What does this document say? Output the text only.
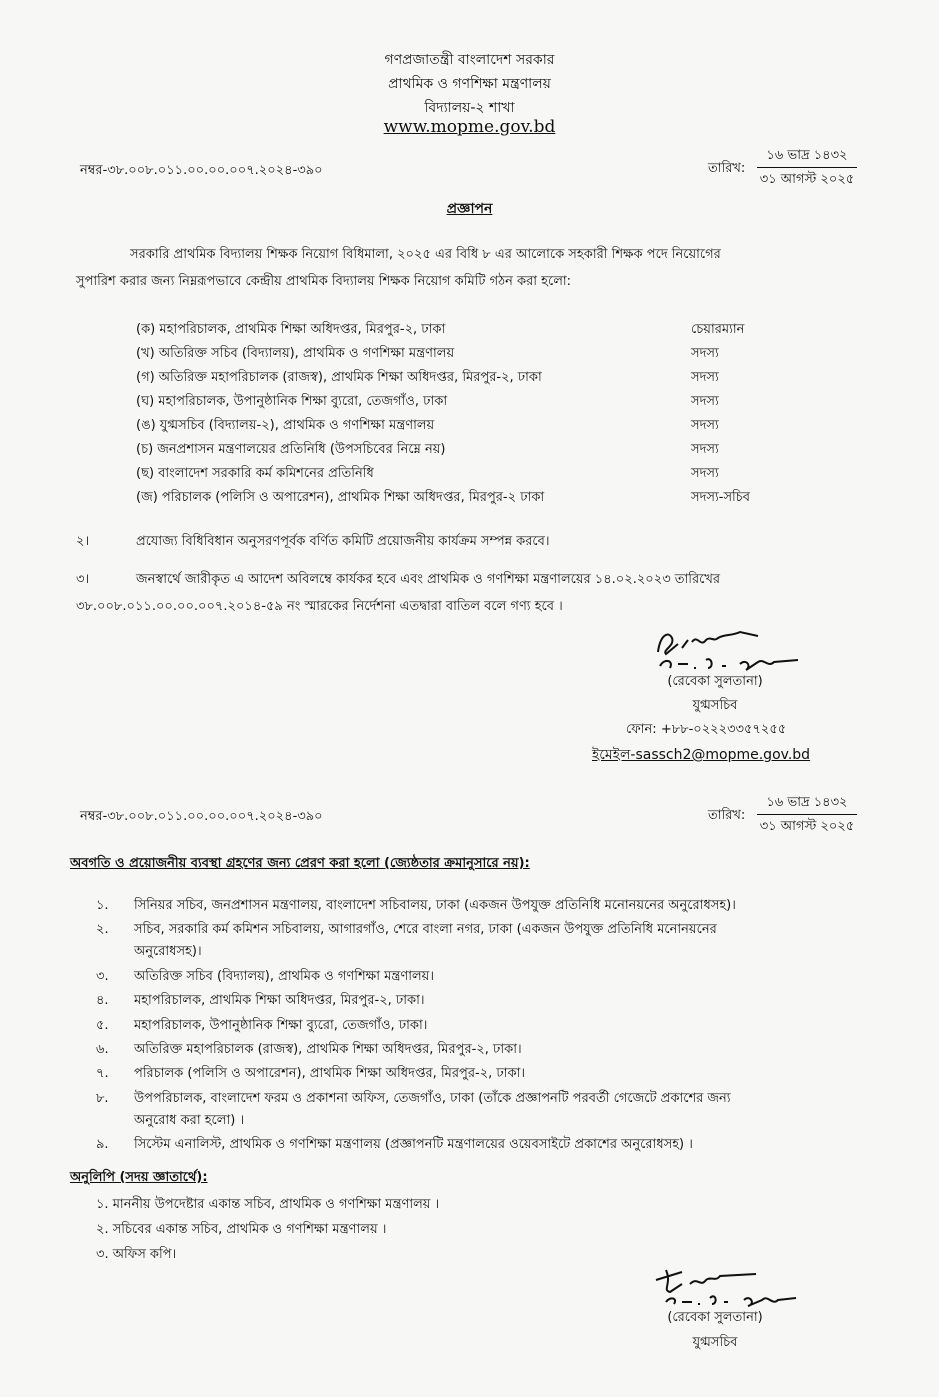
গণপ্রজাতন্ত্রী বাংলাদেশ সরকার
প্রাথমিক ও গণশিক্ষা মন্ত্রণালয়
বিদ্যালয়-২ শাখা
www.mopme.gov.bd
নম্বর-৩৮.০০৮.০১১.০০.০০.০০৭.২০২৪-৩৯০	তারিখ:
১৬ ভাদ্র ১৪৩২
৩১ আগস্ট ২০২৫
প্রজ্ঞাপন
সরকারি প্রাথমিক বিদ্যালয় শিক্ষক নিয়োগ বিধিমালা, ২০২৫ এর বিধি ৮ এর আলোকে সহকারী শিক্ষক পদে নিয়োগের
সুপারিশ করার জন্য নিম্নরূপভাবে কেন্দ্রীয় প্রাথমিক বিদ্যালয় শিক্ষক নিয়োগ কমিটি গঠন করা হলো:
(ক) মহাপরিচালক, প্রাথমিক শিক্ষা অধিদপ্তর, মিরপুর-২, ঢাকা	চেয়ারম্যান
(খ) অতিরিক্ত সচিব (বিদ্যালয়), প্রাথমিক ও গণশিক্ষা মন্ত্রণালয়	সদস্য
(গ) অতিরিক্ত মহাপরিচালক (রাজস্ব), প্রাথমিক শিক্ষা অধিদপ্তর, মিরপুর-২, ঢাকা	সদস্য
(ঘ) মহাপরিচালক, উপানুষ্ঠানিক শিক্ষা ব্যুরো, তেজগাঁও, ঢাকা	সদস্য
(ঙ) যুগ্মসচিব (বিদ্যালয়-২), প্রাথমিক ও গণশিক্ষা মন্ত্রণালয়	সদস্য
(চ) জনপ্রশাসন মন্ত্রণালয়ের প্রতিনিধি (উপসচিবের নিম্নে নয়)	সদস্য
(ছ) বাংলাদেশ সরকারি কর্ম কমিশনের প্রতিনিধি	সদস্য
(জ) পরিচালক (পলিসি ও অপারেশন), প্রাথমিক শিক্ষা অধিদপ্তর, মিরপুর-২ ঢাকা	সদস্য-সচিব
২।	প্রযোজ্য বিধিবিধান অনুসরণপূর্বক বর্ণিত কমিটি প্রয়োজনীয় কার্যক্রম সম্পন্ন করবে।
৩।	জনস্বার্থে জারীকৃত এ আদেশ অবিলম্বে কার্যকর হবে এবং প্রাথমিক ও গণশিক্ষা মন্ত্রণালয়ের ১৪.০২.২০২৩ তারিখের
৩৮.০০৮.০১১.০০.০০.০০৭.২০১৪-৫৯ নং স্মারকের নির্দেশনা এতদ্বারা বাতিল বলে গণ্য হবে ।
(রেবেকা সুলতানা)
যুগ্মসচিব
ফোন: +৮৮-০২২২৩৩৫৭২৫৫
ইমেইল-sassch2@mopme.gov.bd
নম্বর-৩৮.০০৮.০১১.০০.০০.০০৭.২০২৪-৩৯০	তারিখ:
১৬ ভাদ্র ১৪৩২
৩১ আগস্ট ২০২৫
অবগতি ও প্রয়োজনীয় ব্যবস্থা গ্রহণের জন্য প্রেরণ করা হলো (জ্যেষ্ঠতার ক্রমানুসারে নয়):
১. সিনিয়র সচিব, জনপ্রশাসন মন্ত্রণালয়, বাংলাদেশ সচিবালয়, ঢাকা (একজন উপযুক্ত প্রতিনিধি মনোনয়নের অনুরোধসহ)।
২. সচিব, সরকারি কর্ম কমিশন সচিবালয়, আগারগাঁও, শেরে বাংলা নগর, ঢাকা (একজন উপযুক্ত প্রতিনিধি মনোনয়নের
অনুরোধসহ)।
৩. অতিরিক্ত সচিব (বিদ্যালয়), প্রাথমিক ও গণশিক্ষা মন্ত্রণালয়।
৪. মহাপরিচালক, প্রাথমিক শিক্ষা অধিদপ্তর, মিরপুর-২, ঢাকা।
৫. মহাপরিচালক, উপানুষ্ঠানিক শিক্ষা ব্যুরো, তেজগাঁও, ঢাকা।
৬. অতিরিক্ত মহাপরিচালক (রাজস্ব), প্রাথমিক শিক্ষা অধিদপ্তর, মিরপুর-২, ঢাকা।
৭. পরিচালক (পলিসি ও অপারেশন), প্রাথমিক শিক্ষা অধিদপ্তর, মিরপুর-২, ঢাকা।
৮. উপপরিচালক, বাংলাদেশ ফরম ও প্রকাশনা অফিস, তেজগাঁও, ঢাকা (তাঁকে প্রজ্ঞাপনটি পরবর্তী গেজেটে প্রকাশের জন্য
অনুরোধ করা হলো) ।
৯. সিস্টেম এনালিস্ট, প্রাথমিক ও গণশিক্ষা মন্ত্রণালয় (প্রজ্ঞাপনটি মন্ত্রণালয়ের ওয়েবসাইটে প্রকাশের অনুরোধসহ) ।
অনুলিপি (সদয় জ্ঞাতার্থে):
১. মাননীয় উপদেষ্টার একান্ত সচিব, প্রাথমিক ও গণশিক্ষা মন্ত্রণালয় ।
২. সচিবের একান্ত সচিব, প্রাথমিক ও গণশিক্ষা মন্ত্রণালয় ।
৩. অফিস কপি।
(রেবেকা সুলতানা)
যুগ্মসচিব
